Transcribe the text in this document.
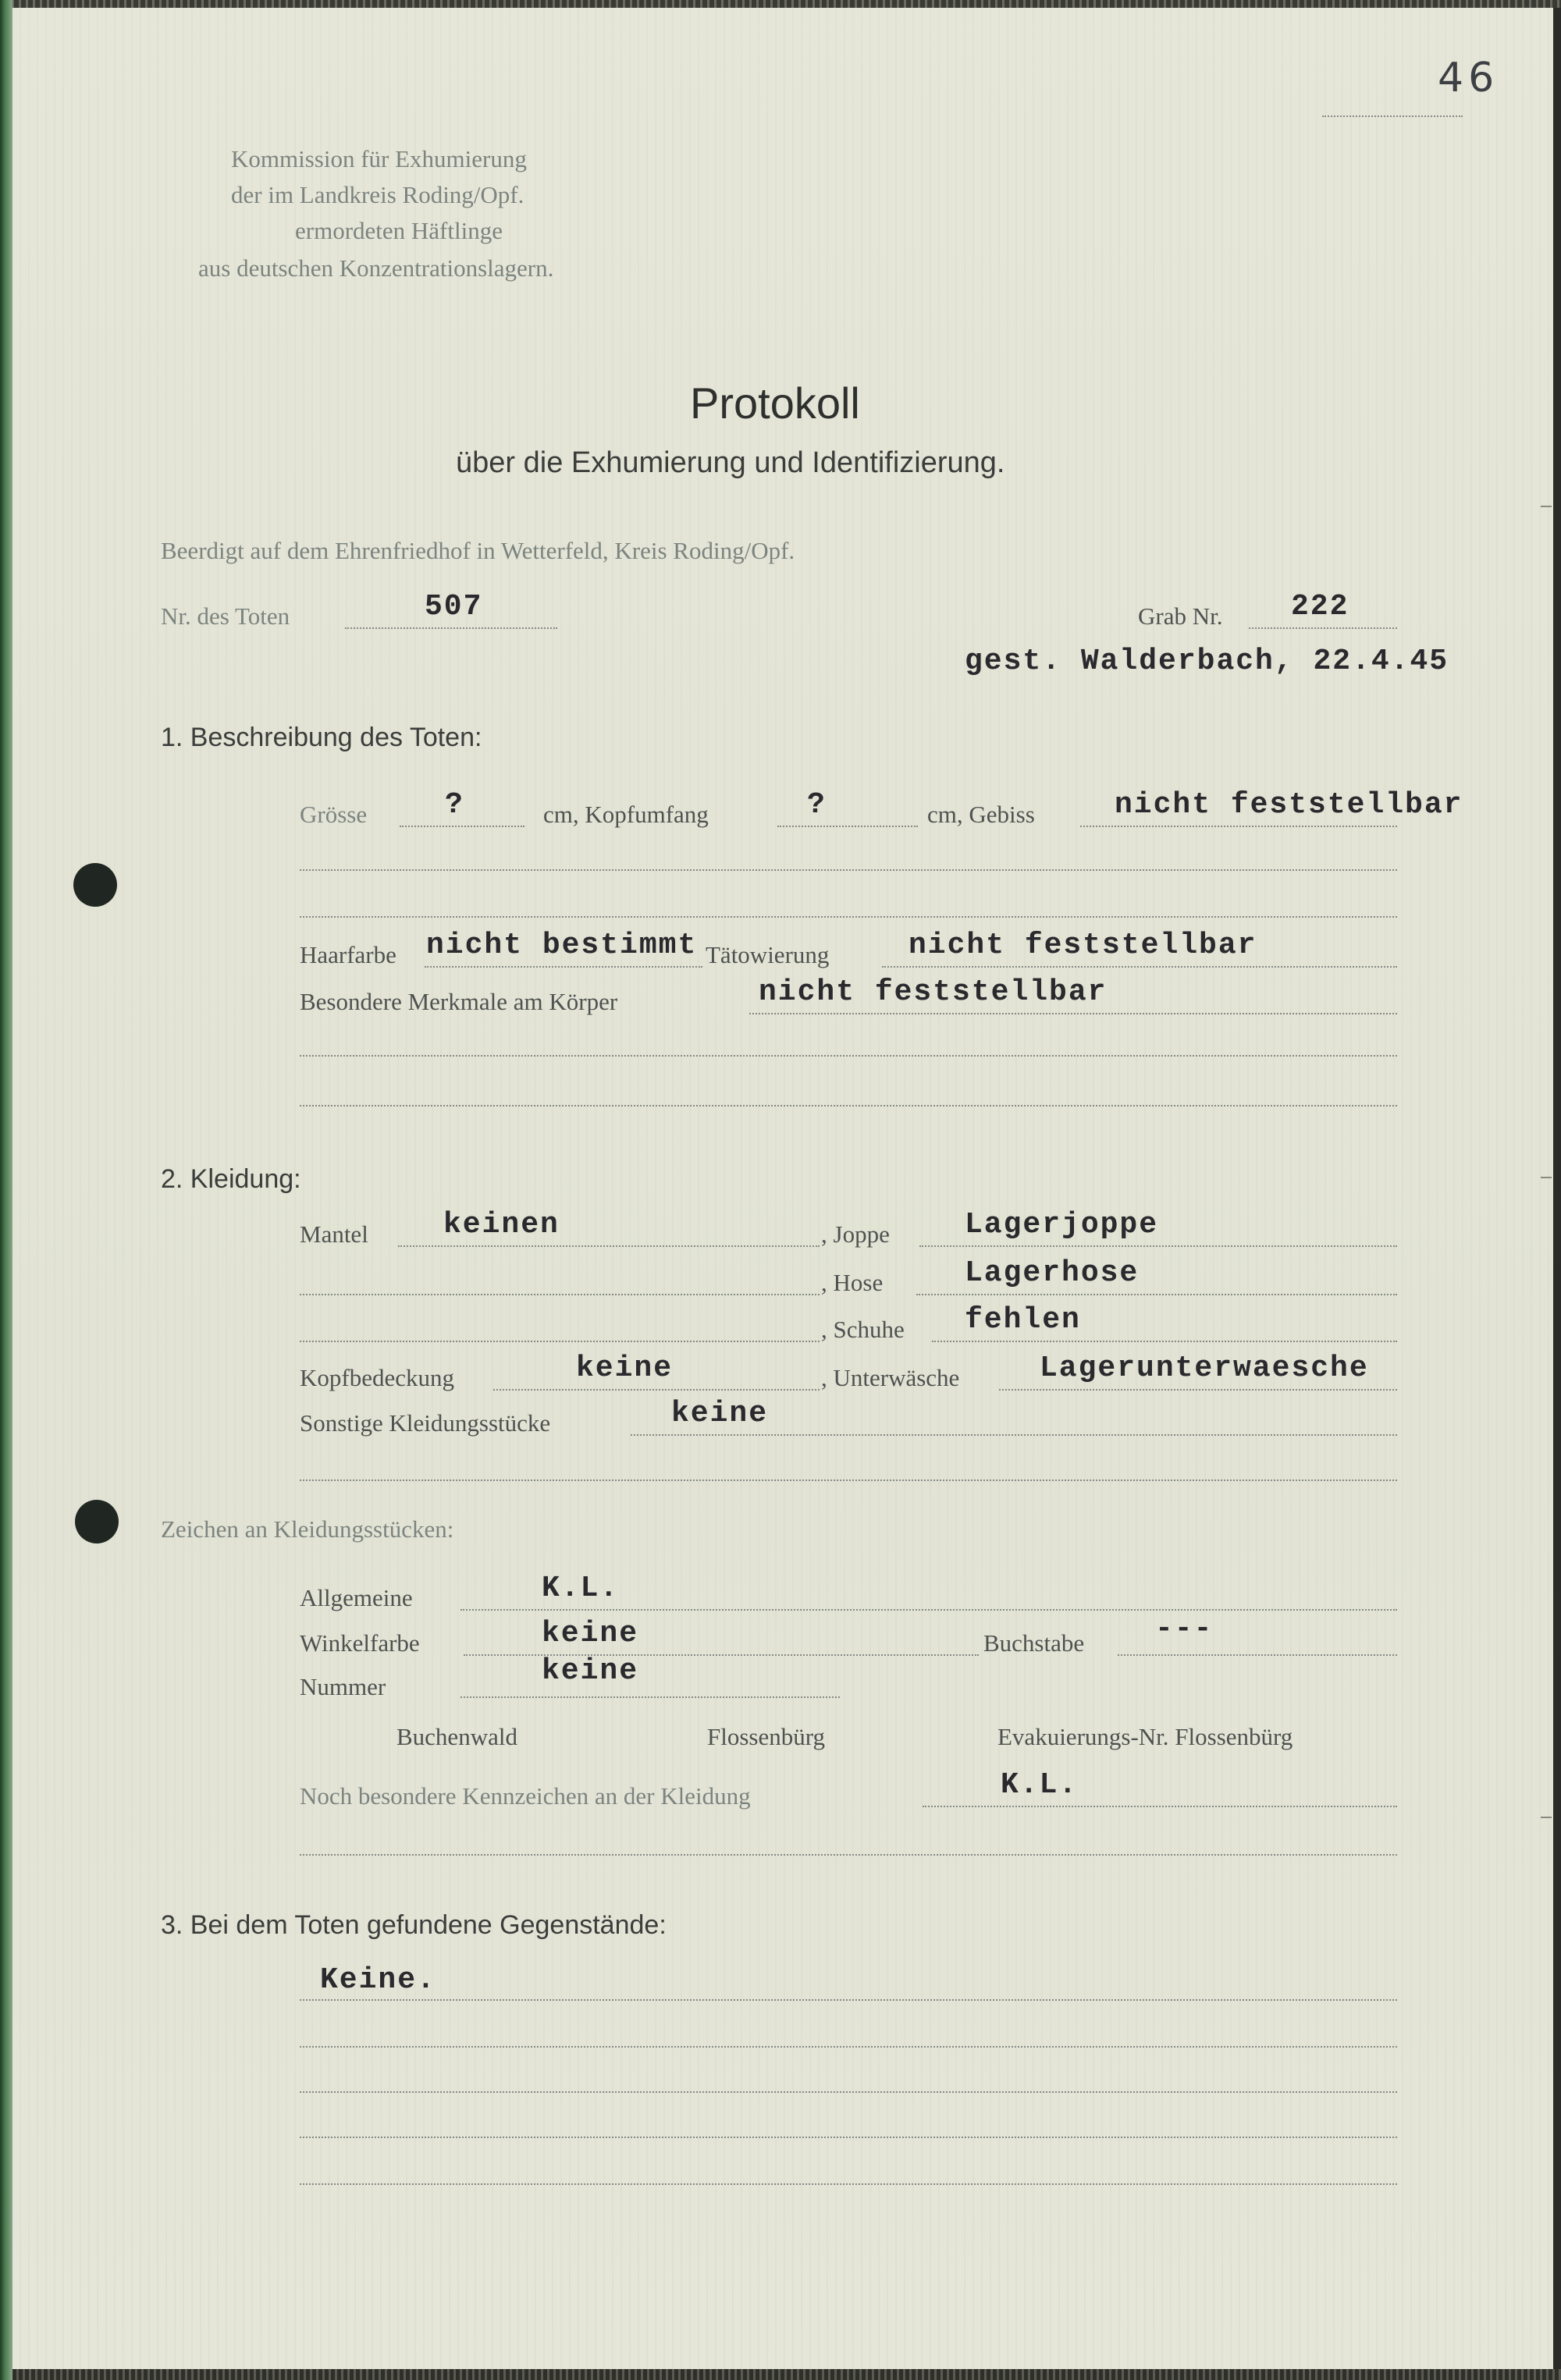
46
Kommission für Exhumierung
der im Landkreis Roding/Opf.
ermordeten Häftlinge
aus deutschen Konzentrationslagern.
Protokoll
über die Exhumierung und Identifizierung.
Beerdigt auf dem Ehrenfriedhof in Wetterfeld, Kreis Roding/Opf.
Nr. des Toten	507	Grab Nr. 222
gest. Walderbach, 22.4.45
1. Beschreibung des Toten:
Grösse	?	cm, Kopfumfang	?	cm, Gebiss	nicht feststellbar
Haarfarbe nicht bestimmt Tätowierung	nicht feststellbar
Besondere Merkmale am Körper	nicht feststellbar
2. Kleidung:
Mantel	keinen	, Joppe	Lagerjoppe
, Hose	Lagerhose
, Schuhe fehlen
Kopfbedeckung	keine	, Unterwäsche	Lagerunterwaesche
Sonstige Kleidungsstücke	keine
Zeichen an Kleidungsstücken:
Allgemeine	K.L.
Winkelfarbe	keine	Buchstabe ---
Nummer	keine
Buchenwald	Flossenbürg	Evakuierungs-Nr. Flossenbürg
Noch besondere Kennzeichen an der Kleidung	K.L.
3. Bei dem Toten gefundene Gegenstände:
Keine.
